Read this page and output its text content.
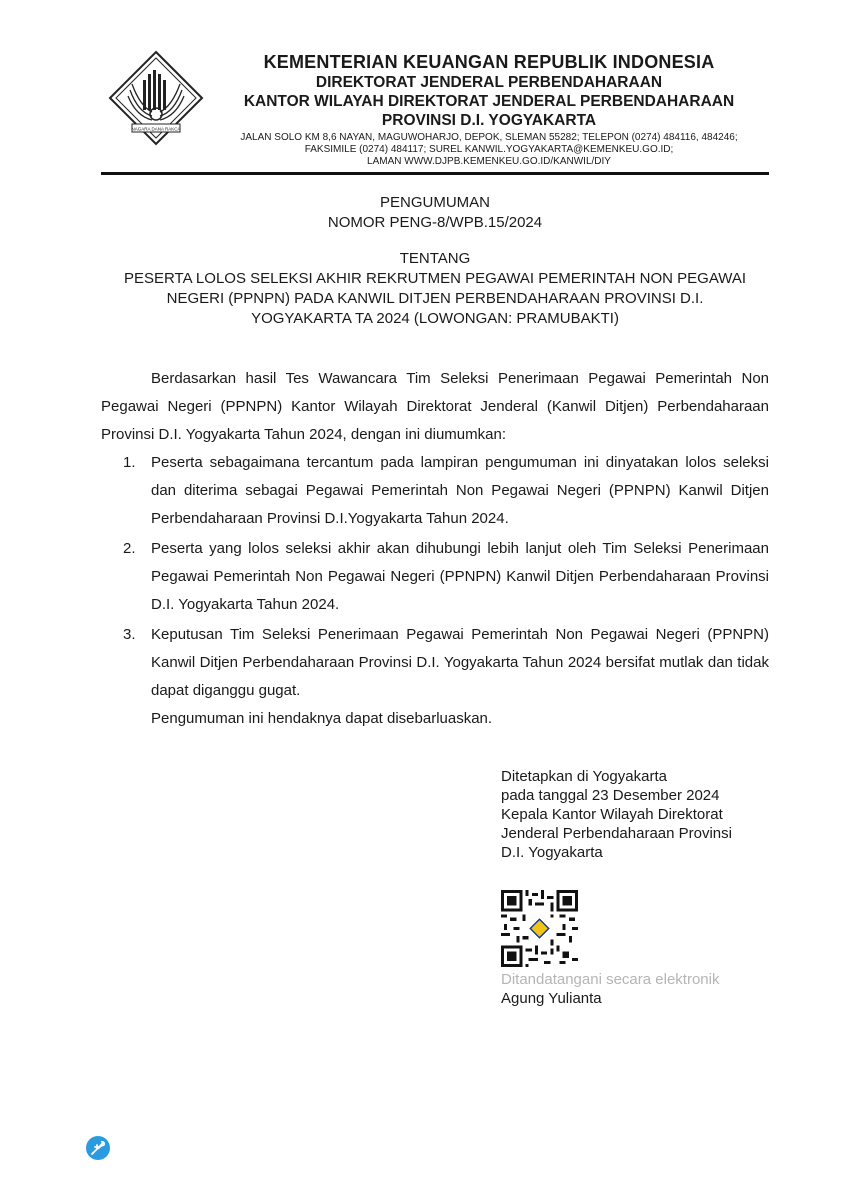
NAGARA DANA RAKCA
KEMENTERIAN KEUANGAN REPUBLIK INDONESIA
DIREKTORAT JENDERAL PERBENDAHARAAN
KANTOR WILAYAH DIREKTORAT JENDERAL PERBENDAHARAAN
PROVINSI D.I. YOGYAKARTA
JALAN SOLO KM 8,6 NAYAN, MAGUWOHARJO, DEPOK, SLEMAN 55282; TELEPON (0274) 484116, 484246;
FAKSIMILE (0274) 484117; SUREL KANWIL.YOGYAKARTA@KEMENKEU.GO.ID;
LAMAN WWW.DJPB.KEMENKEU.GO.ID/KANWIL/DIY
PENGUMUMAN
NOMOR PENG-8/WPB.15/2024
TENTANG
PESERTA LOLOS SELEKSI AKHIR REKRUTMEN PEGAWAI PEMERINTAH NON PEGAWAI
NEGERI (PPNPN) PADA KANWIL DITJEN PERBENDAHARAAN PROVINSI D.I.
YOGYAKARTA TA 2024 (LOWONGAN: PRAMUBAKTI)

Berdasarkan hasil Tes Wawancara Tim Seleksi Penerimaan Pegawai Pemerintah Non Pegawai Negeri (PPNPN) Kantor Wilayah Direktorat Jenderal (Kanwil Ditjen) Perbendaharaan Provinsi D.I. Yogyakarta Tahun 2024, dengan ini diumumkan:

1. Peserta sebagaimana tercantum pada lampiran pengumuman ini dinyatakan lolos seleksi dan diterima sebagai Pegawai Pemerintah Non Pegawai Negeri (PPNPN) Kanwil Ditjen Perbendaharaan Provinsi D.I.Yogyakarta Tahun 2024.
2. Peserta yang lolos seleksi akhir akan dihubungi lebih lanjut oleh Tim Seleksi Penerimaan Pegawai Pemerintah Non Pegawai Negeri (PPNPN) Kanwil Ditjen Perbendaharaan Provinsi D.I. Yogyakarta Tahun 2024.
3. Keputusan Tim Seleksi Penerimaan Pegawai Pemerintah Non Pegawai Negeri (PPNPN) Kanwil Ditjen Perbendaharaan Provinsi D.I. Yogyakarta Tahun 2024 bersifat mutlak dan tidak dapat diganggu gugat.

Pengumuman ini hendaknya dapat disebarluaskan.

Ditetapkan di Yogyakarta
pada tanggal 23 Desember 2024
Kepala Kantor Wilayah Direktorat
Jenderal Perbendaharaan Provinsi
D.I. Yogyakarta
Ditandatangani secara elektronik
Agung Yulianta
